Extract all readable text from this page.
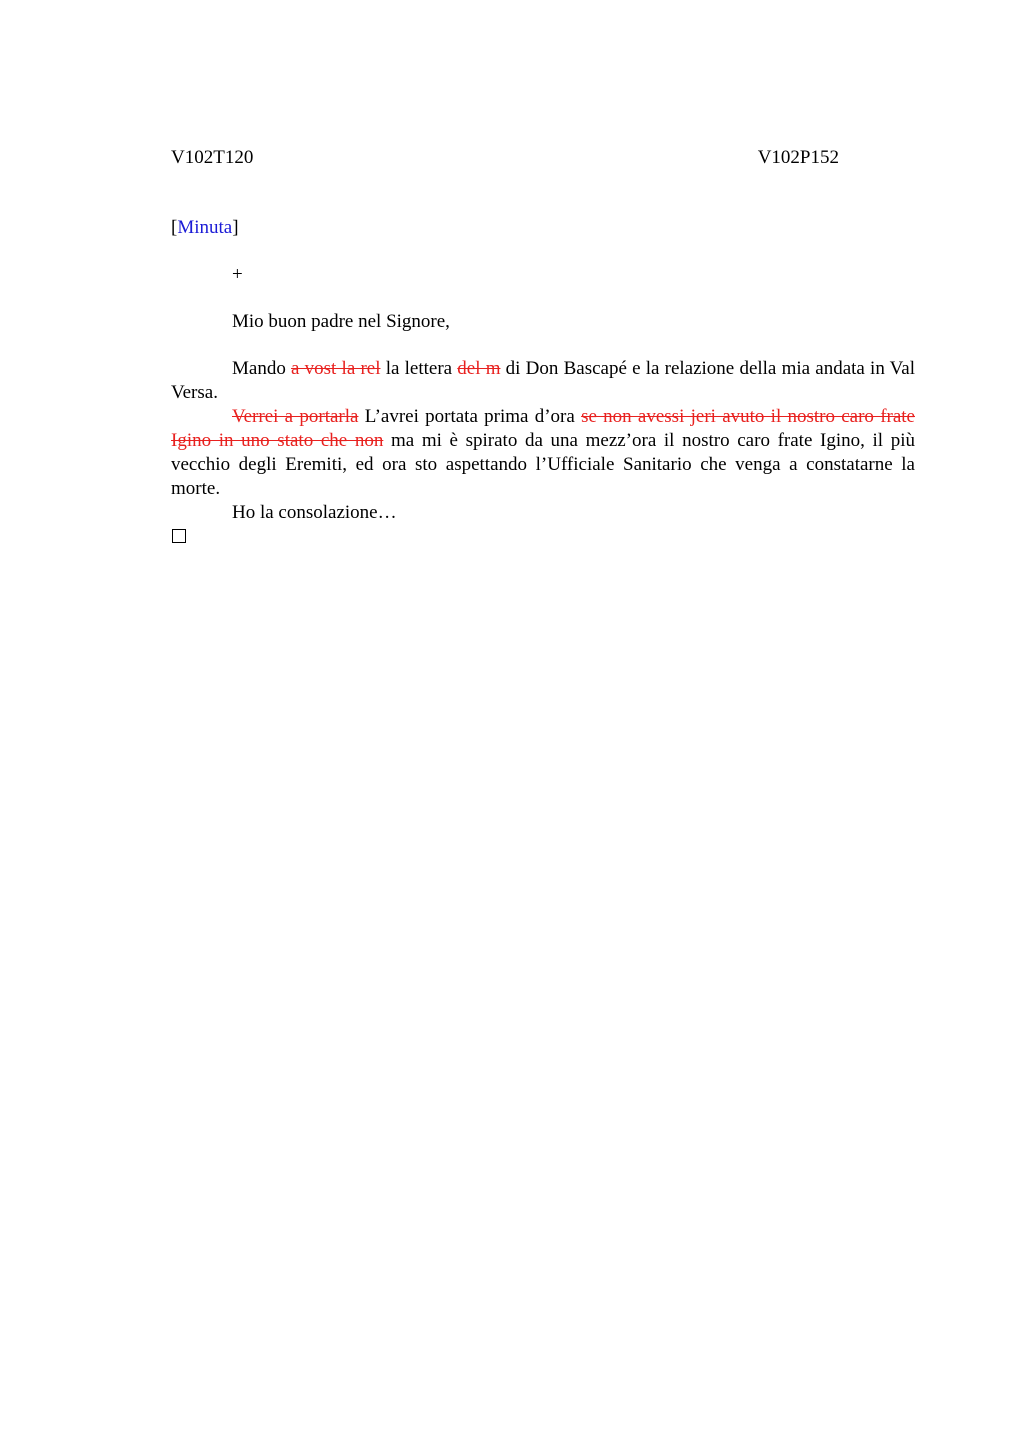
V102T120	V102P152

[Minuta]

+

Mio buon padre nel Signore,

Mando a vost la rel la lettera del m di Don Bascapé e la relazione della mia andata in Val Versa.

Verrei a portarla L’avrei portata prima d’ora se non avessi jeri avuto il nostro caro frate Igino in uno stato che non ma mi è spirato da una mezz’ora il nostro caro frate Igino, il più vecchio degli Eremiti, ed ora sto aspettando l’Ufficiale Sanitario che venga a constatarne la morte.

Ho la consolazione…
